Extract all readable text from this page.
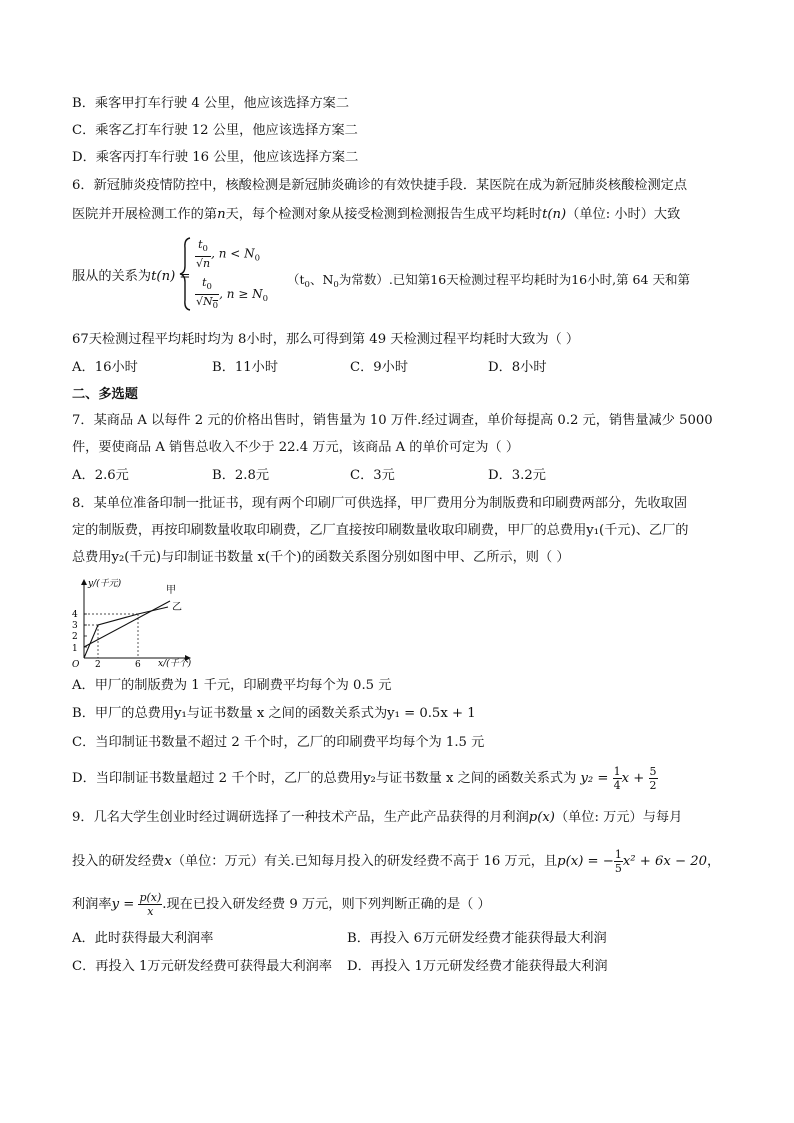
B．乘客甲打车行驶 4 公里，他应该选择方案二
C．乘客乙打车行驶 12 公里，他应该选择方案二
D．乘客丙打车行驶 16 公里，他应该选择方案二
6．新冠肺炎疫情防控中，核酸检测是新冠肺炎确诊的有效快捷手段．某医院在成为新冠肺炎核酸检测定点
医院并开展检测工作的第n天，每个检测对象从接受检测到检测报告生成平均耗时t(n)（单位: 小时）大致
服从的关系为t(n) =
$\frac{t_0}{√n}$ , $n < N_0$
$\frac{t_0}{√N_0}$ , $n \ge N_0$
（$t_0$、$N_0$为常数）.已知第16天检测过程平均耗时为16小时,第 64 天和第
67天检测过程平均耗时均为 8小时，那么可得到第 49 天检测过程平均耗时大致为（ ）
A．16小时	B．11小时	C．9小时	D．8小时
二、多选题
7．某商品 A 以每件 2 元的价格出售时，销售量为 10 万件.经过调查，单价每提高 0.2 元，销售量减少 5000
件，要使商品 A 销售总收入不少于 22.4 万元，该商品 A 的单价可定为（ ）
A．2.6元	B．2.8元	C．3元	D．3.2元
8．某单位准备印制一批证书，现有两个印刷厂可供选择，甲厂费用分为制版费和印刷费两部分，先收取固
定的制版费，再按印刷数量收取印刷费，乙厂直接按印刷数量收取印刷费，甲厂的总费用y₁(千元)、乙厂的
总费用y₂(千元)与印制证书数量 x(千个)的函数关系图分别如图中甲、乙所示，则（ ）
1
2
3
4
O 2	6 x/(千个)
y/(千元)
甲
乙
A．甲厂的制版费为 1 千元，印刷费平均每个为 0.5 元
B．甲厂的总费用y₁与证书数量 x 之间的函数关系式为y₁ = 0.5x + 1
C．当印制证书数量不超过 2 千个时，乙厂的印刷费平均每个为 1.5 元
D．当印制证书数量超过 2 千个时，乙厂的总费用y₂与证书数量 x 之间的函数关系式为 $y_2 = \frac{1}{4}$ $x + \frac{5}{2}$
9．几名大学生创业时经过调研选择了一种技术产品，生产此产品获得的月利润p(x)（单位: 万元）与每月
投入的研发经费x（单位：万元）有关.已知每月投入的研发经费不高于 16 万元，且p(x) = − $\frac{1}{5} x^2 + 6x - 20$，
利润率$y = \frac{p(x)}{x}$ .现在已投入研发经费 9 万元，则下列判断正确的是（ ）
A．此时获得最大利润率	B．再投入 6万元研发经费才能获得最大利润
C．再投入 1万元研发经费可获得最大利润率 D．再投入 1万元研发经费才能获得最大利润
